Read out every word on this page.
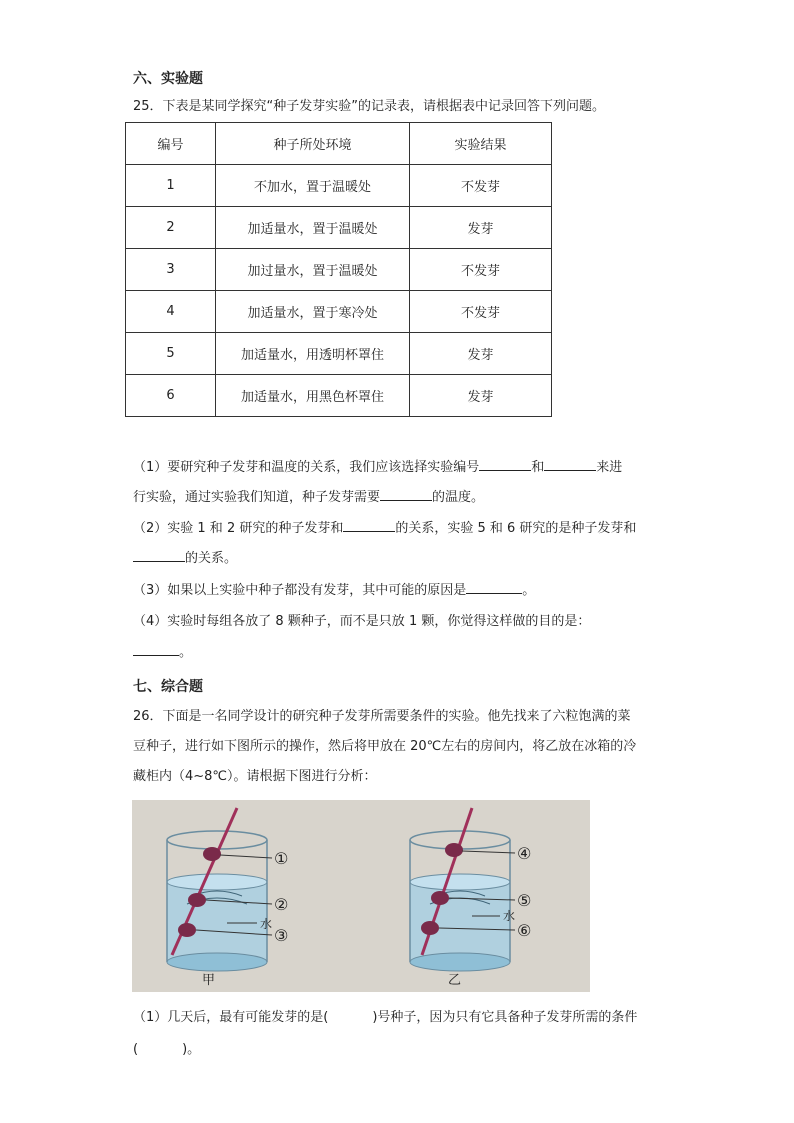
六、实验题
25．下表是某同学探究“种子发芽实验”的记录表，请根据表中记录回答下列问题。
编号	种子所处环境	实验结果
1	不加水，置于温暖处	不发芽
2	加适量水，置于温暖处	发芽
3	加过量水，置于温暖处	不发芽
4	加适量水，置于寒冷处	不发芽
5	加适量水，用透明杯罩住	发芽
6	加适量水，用黑色杯罩住	发芽
（1）要研究种子发芽和温度的关系，我们应该选择实验编号	和	来进
行实验，通过实验我们知道，种子发芽需要	的温度。
（2）实验 1 和 2 研究的种子发芽和	的关系，实验 5 和 6 研究的是种子发芽和
的关系。
（3）如果以上实验中种子都没有发芽，其中可能的原因是	。
（4）实验时每组各放了 8 颗种子，而不是只放 1 颗，你觉得这样做的目的是：
。
七、综合题
26．下面是一名同学设计的研究种子发芽所需要条件的实验。他先找来了六粒饱满的菜
豆种子，进行如下图所示的操作，然后将甲放在 20℃左右的房间内，将乙放在冰箱的冷
藏柜内（4~8℃）。请根据下图进行分析：
①
②
③
水
④
⑤
⑥
水
甲	乙
（1）几天后，最有可能发芽的是(	)号种子，因为只有它具备种子发芽所需的条件
(	)。
